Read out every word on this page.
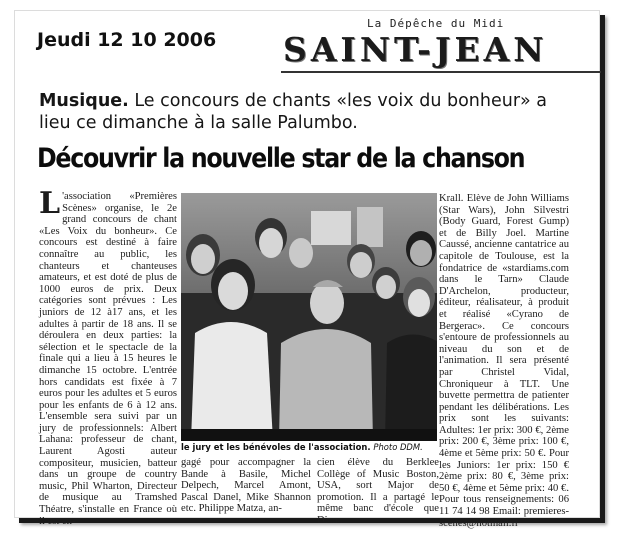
Jeudi 12 10 2006
La Dépêche du Midi
SAINT-JEAN
Musique. Le concours de chants «les voix du bonheur» a lieu ce dimanche à la salle Palumbo.
Découvrir la nouvelle star de la chanson
L 'association «Premières Scènes» organise, le 2e grand concours de chant «Les Voix du bonheur». Ce concours est destiné à faire connaître au public, les chanteurs et chanteuses amateurs, et est doté de plus de 1000 euros de prix. Deux catégories sont prévues : Les juniors de 12 à17 ans, et les adultes à partir de 18 ans. Il se déroulera en deux parties: la sélection et le spectacle de la finale qui a lieu à 15 heures le dimanche 15 octobre. L'entrée hors candidats est fixée à 7 euros pour les adultes et 5 euros pour les enfants de 6 à 12 ans. L'ensemble sera suivi par un jury de professionnels: Albert Lahana: professeur de chant, Laurent Agosti auteur compositeur, musicien, batteur dans un groupe de country music, Phil Wharton, Directeur de musique au Tramshed Théatre, s'installe en France où il est en-

le jury et les bénévoles de l'association. Photo DDM.

gagé pour accompagner la Bande à Basile, Michel Delpech, Marcel Amont, Pascal Danel, Mike Shannon etc. Philippe Matza, an-

cien élève du Berklee Collège of Music Boston, USA, sort Major de promotion. Il a partagé le même banc d'école que Diana

Krall. Elève de John Williams (Star Wars), John Silvestri (Body Guard, Forest Gump) et de Billy Joel. Martine Caussé, ancienne cantatrice au capitole de Toulouse, est la fondatrice de «stardiams.com dans le Tarn» Claude D'Archelon, producteur, éditeur, réalisateur, à produit et réalisé «Cyrano de Bergerac». Ce concours s'entoure de professionnels au niveau du son et de l'animation. Il sera présenté par Christel Vidal, Chroniqueur à TLT. Une buvette permettra de patienter pendant les délibérations. Les prix sont les suivants: Adultes: 1er prix: 300 €, 2ème prix: 200 €, 3ème prix: 100 €, 4ème et 5ème prix: 50 €. Pour les Juniors: 1er prix: 150 € 2ème prix: 80 €, 3ème prix: 50 €, 4ème et 5ème prix: 40 €. Pour tous renseignements: 06 11 74 14 98 Email: premieres-scenes@hotmail.fr
